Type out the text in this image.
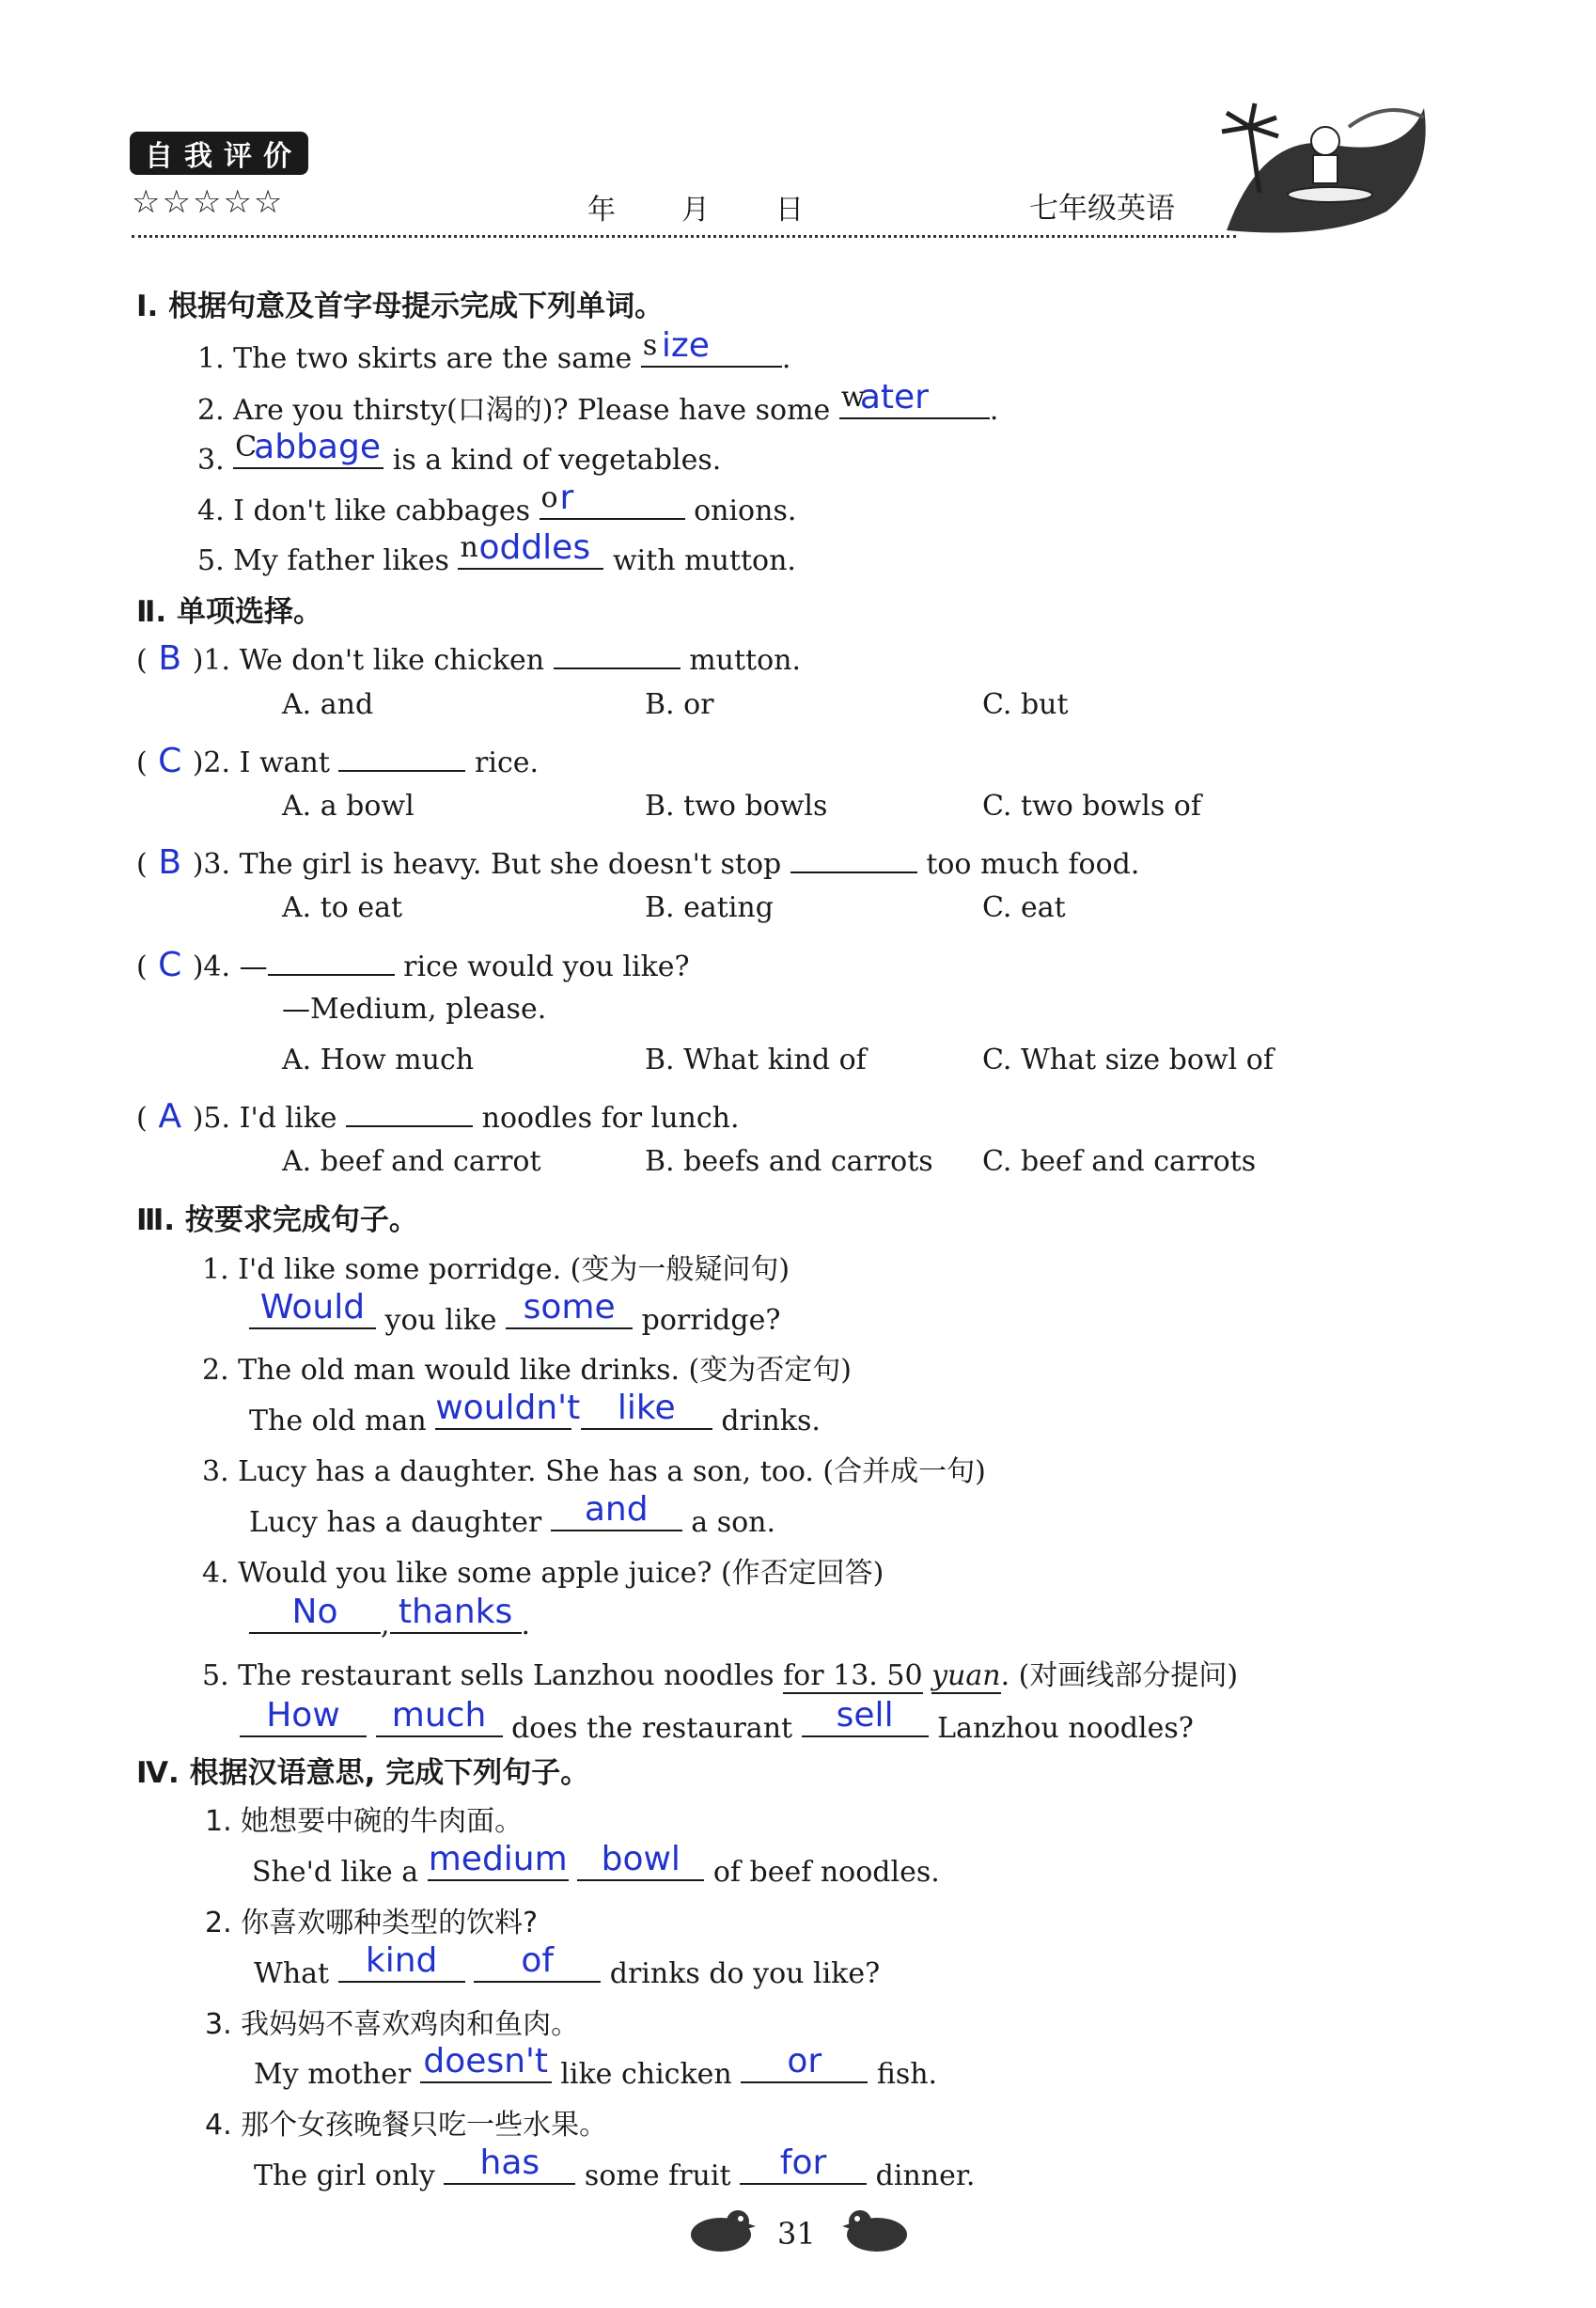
自我评价
☆☆☆☆☆	年 月 日	七年级英语
Ⅰ. 根据句意及首字母提示完成下列单词。
1. The two skirts are the same s ize	.
2. Are you thirsty(口渴的)? Please have some w
ater .
3. C
abbage is a kind of vegetables.
4. I don't like cabbages o r	onions.
5. My father likes n oddles with mutton.
Ⅱ. 单项选择。
( B )1. We don't like chicken	mutton.
A. and	B. or	C. but
( C )2. I want	rice.
A. a bowl	B. two bowls	C. two bowls of
( B )3. The girl is heavy. But she doesn't stop	too much food.
A. to eat	B. eating	C. eat
( C )4. —	rice would you like?
—Medium, please.
A. How much	B. What kind of	C. What size bowl of
( A )5. I'd like	noodles for lunch.
A. beef and carrot	B. beefs and carrots C. beef and carrots
Ⅲ. 按要求完成句子。
1. I'd like some porridge. (变为一般疑问句)
Would you like some porridge?
2. The old man would like drinks. (变为否定句)
The old man wouldn't
	like	drinks.
3. Lucy has a daughter. She has a son, too. (合并成一句)
Lucy has a daughter	and	a son.
4. Would you like some apple juice? (作否定回答)
No	, thanks .
5. The restaurant sells Lanzhou noodles for 13. 50 yuan. (对画线部分提问)
How
	much does the restaurant	sell	Lanzhou noodles?
Ⅳ. 根据汉语意思, 完成下列句子。
1. 她想要中碗的牛肉面。
She'd like a medium
bowl	of beef noodles.
2. 你喜欢哪种类型的饮料?
What	kind
	of	drinks do you like?
3. 我妈妈不喜欢鸡肉和鱼肉。
My mother doesn't like chicken	or	fish.
4. 那个女孩晚餐只吃一些水果。
The girl only	has	some fruit	for	dinner.
31
